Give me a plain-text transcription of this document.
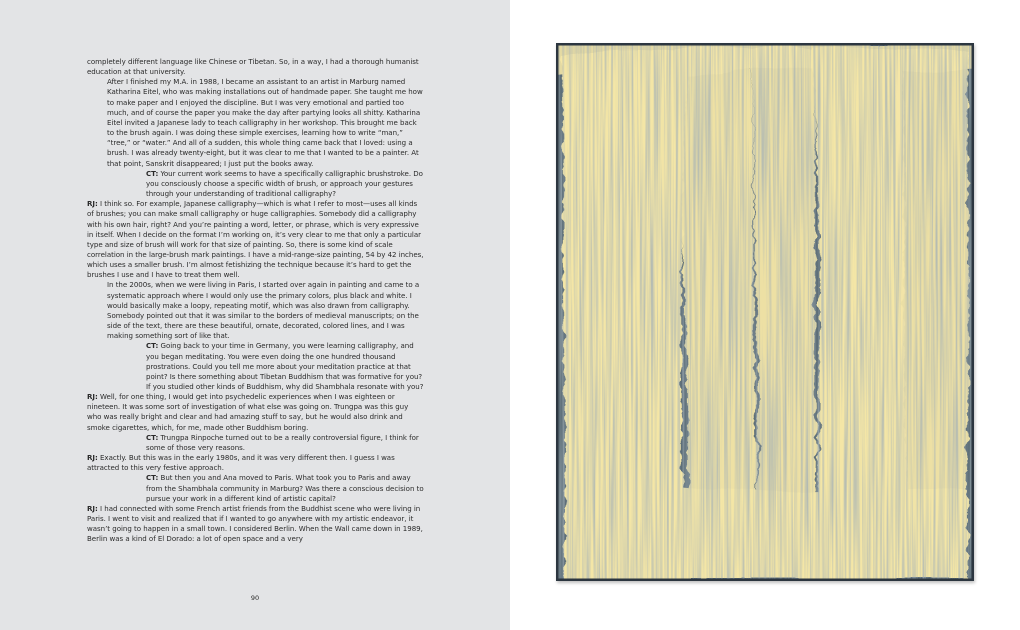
completely different language like Chinese or Tibetan. So, in a way, I had a thorough humanist education at that university.

After I finished my M.A. in 1988, I became an assistant to an artist in Marburg named Katharina Eitel, who was making installations out of handmade paper. She taught me how to make paper and I enjoyed the discipline. But I was very emotional and partied too much, and of course the paper you make the day after partying looks all shitty. Katharina Eitel invited a Japanese lady to teach calligraphy in her workshop. This brought me back to the brush again. I was doing these simple exercises, learning how to write “man,” “tree,” or “water.” And all of a sudden, this whole thing came back that I loved: using a brush. I was already twenty-eight, but it was clear to me that I wanted to be a painter. At that point, Sanskrit disappeared; I just put the books away.

CT: Your current work seems to have a specifically calligraphic brushstroke. Do you consciously choose a specific width of brush, or approach your gestures through your understanding of traditional calligraphy?

RJ: I think so. For example, Japanese calligraphy—which is what I refer to most—uses all kinds of brushes; you can make small calligraphy or huge calligraphies. Somebody did a calligraphy with his own hair, right? And you’re painting a word, letter, or phrase, which is very expressive in itself. When I decide on the format I’m working on, it’s very clear to me that only a particular type and size of brush will work for that size of painting. So, there is some kind of scale correlation in the large-brush mark paintings. I have a mid-range-size painting, 54 by 42 inches, which uses a smaller brush. I’m almost fetishizing the technique because it’s hard to get the brushes I use and I have to treat them well.

In the 2000s, when we were living in Paris, I started over again in painting and came to a systematic approach where I would only use the primary colors, plus black and white. I would basically make a loopy, repeating motif, which was also drawn from calligraphy. Somebody pointed out that it was similar to the borders of medieval manuscripts; on the side of the text, there are these beautiful, ornate, decorated, colored lines, and I was making something sort of like that.

CT: Going back to your time in Germany, you were learning calligraphy, and you began meditating. You were even doing the one hundred thousand prostrations. Could you tell me more about your meditation practice at that point? Is there something about Tibetan Buddhism that was formative for you? If you studied other kinds of Buddhism, why did Shambhala resonate with you?

RJ: Well, for one thing, I would get into psychedelic experiences when I was eighteen or nineteen. It was some sort of investigation of what else was going on. Trungpa was this guy who was really bright and clear and had amazing stuff to say, but he would also drink and smoke cigarettes, which, for me, made other Buddhism boring.

CT: Trungpa Rinpoche turned out to be a really controversial figure, I think for some of those very reasons.

RJ: Exactly. But this was in the early 1980s, and it was very different then. I guess I was attracted to this very festive approach.

CT: But then you and Ana moved to Paris. What took you to Paris and away from the Shambhala community in Marburg? Was there a conscious decision to pursue your work in a different kind of artistic capital?

RJ: I had connected with some French artist friends from the Buddhist scene who were living in Paris. I went to visit and realized that if I wanted to go anywhere with my artistic endeavor, it wasn’t going to happen in a small town. I considered Berlin. When the Wall came down in 1989, Berlin was a kind of El Dorado: a lot of open space and a very

90
